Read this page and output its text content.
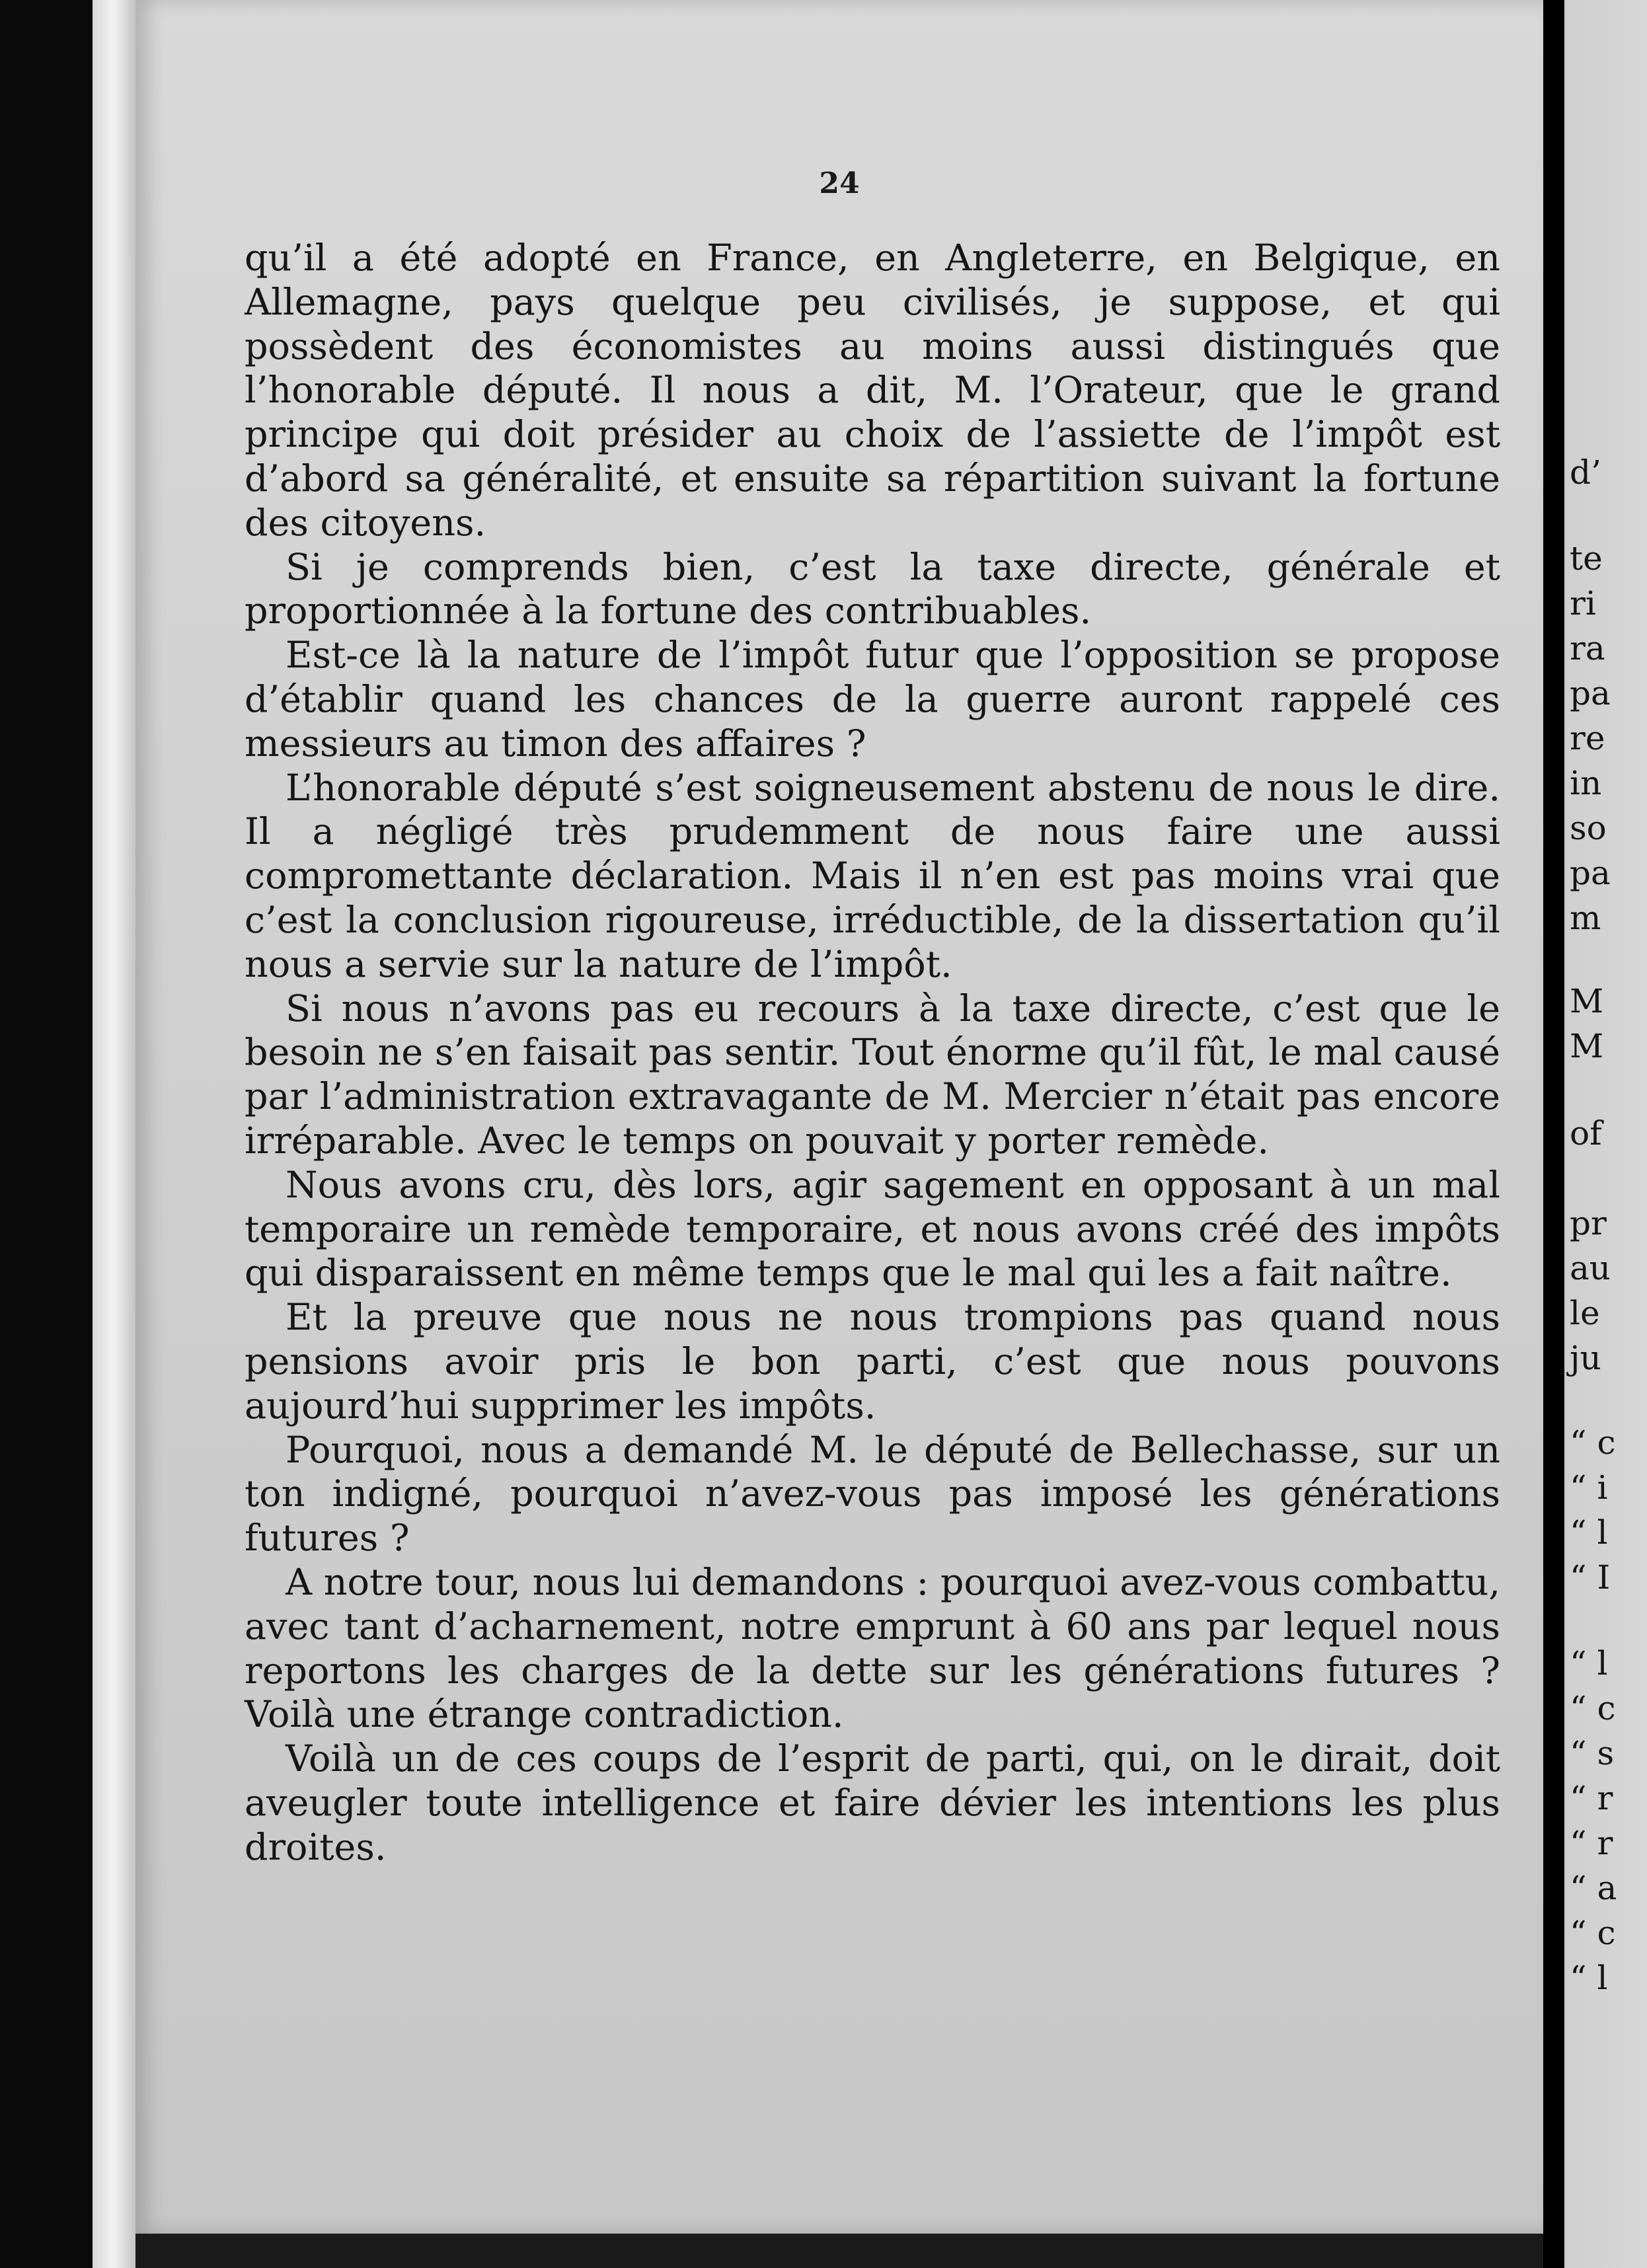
24

qu’il a été adopté en France, en Angleterre, en Belgique, en Allemagne, pays quelque peu civilisés, je suppose, et qui possèdent des économistes au moins aussi distingués que l’honorable député. Il nous a dit, M. l’Orateur, que le grand principe qui doit présider au choix de l’assiette de l’impôt est d’abord sa généralité, et ensuite sa répartition suivant la fortune des citoyens.

Si je comprends bien, c’est la taxe directe, générale et proportionnée à la fortune des contribuables.

Est-ce là la nature de l’impôt futur que l’opposition se propose d’établir quand les chances de la guerre auront rappelé ces messieurs au timon des affaires ?

L’honorable député s’est soigneusement abstenu de nous le dire. Il a négligé très prudemment de nous faire une aussi compromettante déclaration. Mais il n’en est pas moins vrai que c’est la conclusion rigoureuse, irréductible, de la dissertation qu’il nous a servie sur la nature de l’impôt.

Si nous n’avons pas eu recours à la taxe directe, c’est que le besoin ne s’en faisait pas sentir. Tout énorme qu’il fût, le mal causé par l’administration extravagante de M. Mercier n’était pas encore irréparable. Avec le temps on pouvait y porter remède.

Nous avons cru, dès lors, agir sagement en opposant à un mal temporaire un remède temporaire, et nous avons créé des impôts qui disparaissent en même temps que le mal qui les a fait naître.

Et la preuve que nous ne nous trompions pas quand nous pensions avoir pris le bon parti, c’est que nous pouvons aujourd’hui supprimer les impôts.

Pourquoi, nous a demandé M. le député de Bellechasse, sur un ton indigné, pourquoi n’avez-vous pas imposé les générations futures ?

A notre tour, nous lui demandons : pourquoi avez-vous combattu, avec tant d’acharnement, notre emprunt à 60 ans par lequel nous reportons les charges de la dette sur les générations futures ? Voilà une étrange contradiction.

Voilà un de ces coups de l’esprit de parti, qui, on le dirait, doit aveugler toute intelligence et faire dévier les intentions les plus droites.

d’
te
ri
ra
pa
re
in
so
pa
m
M
M
of
pr
au
le
ju
“ c
“ i
“ l
“ I
“ l
“ c
“ s
“ r
“ r
“ a
“ c
“ l
